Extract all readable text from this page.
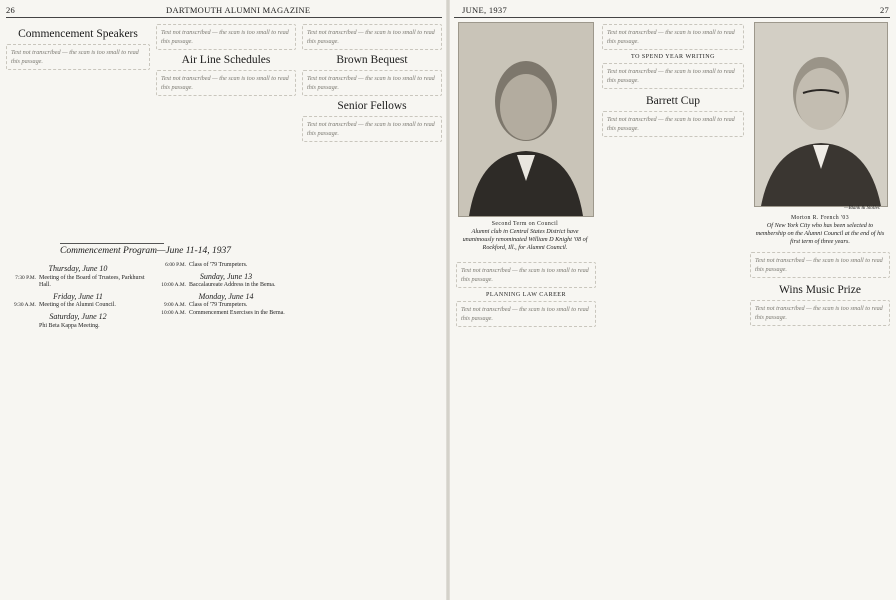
26	DARTMOUTH ALUMNI MAGAZINE
Commencement Speakers

Text not transcribed — the scan is too small to read this passage.

Text not transcribed — the scan is too small to read this passage.

Air Line Schedules

Text not transcribed — the scan is too small to read this passage.

Text not transcribed — the scan is too small to read this passage.

Brown Bequest

Text not transcribed — the scan is too small to read this passage.

Senior Fellows

Text not transcribed — the scan is too small to read this passage.

Commencement Program—June 11-14, 1937
Thursday, June 10
7:30 P.M. Meeting of the Board of Trustees, Parkhurst Hall.
Friday, June 11
9:30 A.M. Meeting of the Alumni Council.
Saturday, June 12
Phi Beta Kappa Meeting.
6:00 P.M. Class of '79 Trumpeters.
Sunday, June 13
10:00 A.M. Baccalaureate Address in the Bema.
Monday, June 14
9:00 A.M. Class of '79 Trumpeters.
10:00 A.M. Commencement Exercises in the Bema.
JUNE, 1937	27
Second Term on Council
Alumni club in Central States District have unanimously renominated William D Knight '08 of Rockford, Ill., for Alumni Council.

Text not transcribed — the scan is too small to read this passage.

PLANNING LAW CAREER

Text not transcribed — the scan is too small to read this passage.

Text not transcribed — the scan is too small to read this passage.

TO SPEND YEAR WRITING

Text not transcribed — the scan is too small to read this passage.

Barrett Cup

Text not transcribed — the scan is too small to read this passage.

—Blank & Stoller.
Morton R. French '03
Of New York City who has been selected to membership on the Alumni Council at the end of his first term of three years.

Text not transcribed — the scan is too small to read this passage.

Wins Music Prize

Text not transcribed — the scan is too small to read this passage.
